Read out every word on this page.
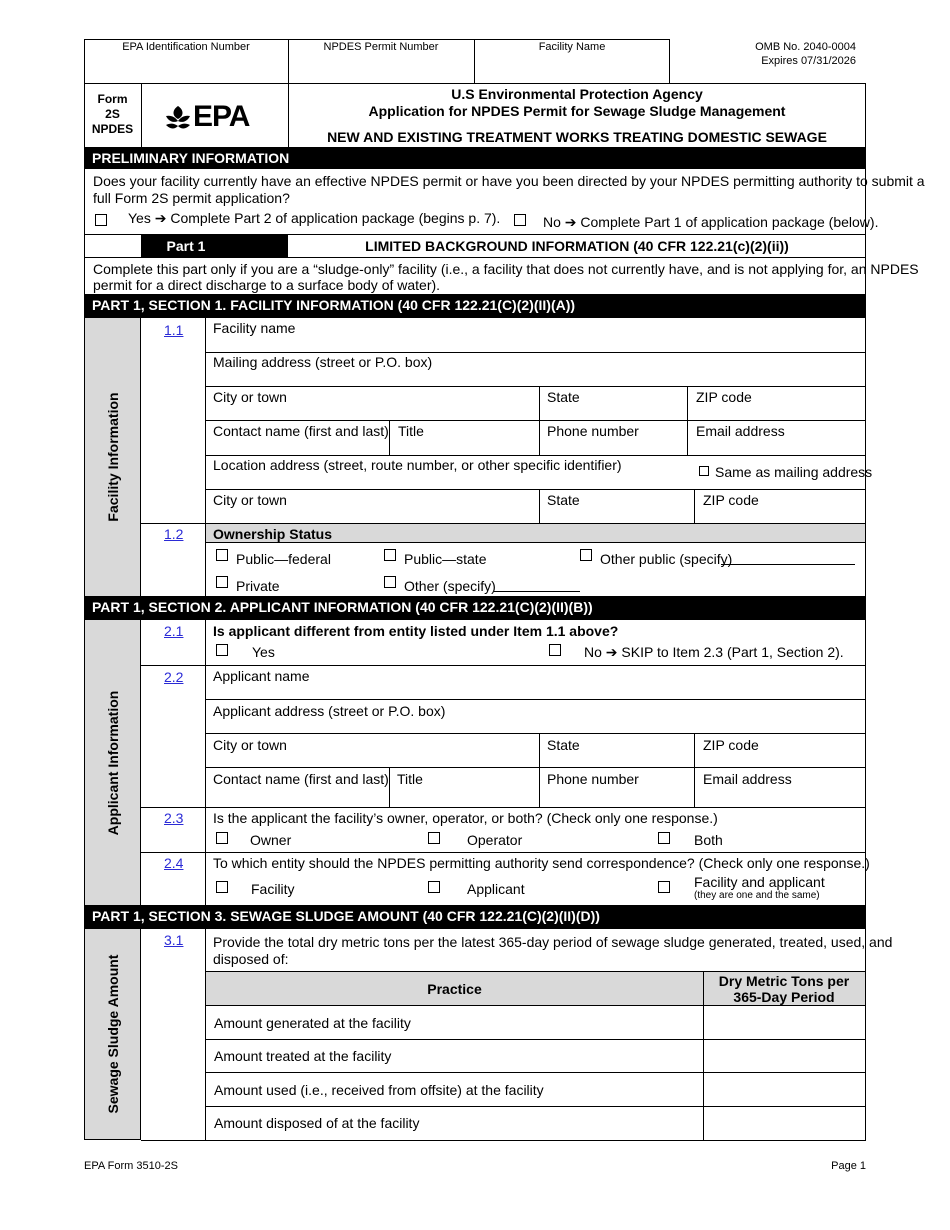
EPA Identification Number	NPDES Permit Number	Facility Name	OMB No. 2040-0004
Expires 07/31/2026
Form
2S
NPDES EPA
U.S Environmental Protection Agency
Application for NPDES Permit for Sewage Sludge Management
NEW AND EXISTING TREATMENT WORKS TREATING DOMESTIC SEWAGE
PRELIMINARY INFORMATION
Does your facility currently have an effective NPDES permit or have you been directed by your NPDES permitting authority to submit a
full Form 2S permit application?
Yes ➔ Complete Part 2 of application package (begins p. 7).	No ➔ Complete Part 1 of application package (below).
Part 1	LIMITED BACKGROUND INFORMATION (40 CFR 122.21(c)(2)(ii))
Complete this part only if you are a “sludge-only” facility (i.e., a facility that does not currently have, and is not applying for, an NPDES
permit for a direct discharge to a surface body of water).
PART 1, SECTION 1. FACILITY INFORMATION (40 CFR 122.21(C)(2)(II)(A))
Facility Information
1.1 Facility name
Mailing address (street or P.O. box)
City or town	State	ZIP code
Contact name (first and last) Title	Phone number	Email address
Location address (street, route number, or other specific identifier)	Same as mailing address
City or town	State	ZIP code
1.2 Ownership Status
Public—federal	Public—state	Other public (specify)
Private	Other (specify)
PART 1, SECTION 2. APPLICANT INFORMATION (40 CFR 122.21(C)(2)(II)(B))
Applicant Information
2.1 Is applicant different from entity listed under Item 1.1 above?
Yes	No ➔ SKIP to Item 2.3 (Part 1, Section 2).
2.2 Applicant name
Applicant address (street or P.O. box)
City or town	State	ZIP code
Contact name (first and last) Title	Phone number	Email address
2.3 Is the applicant the facility’s owner, operator, or both? (Check only one response.)
Owner	Operator	Both
2.4 To which entity should the NPDES permitting authority send correspondence? (Check only one response.)
Facility	Applicant	Facility and applicant
(they are one and the same)
PART 1, SECTION 3. SEWAGE SLUDGE AMOUNT (40 CFR 122.21(C)(2)(II)(D))
Sewage Sludge Amount
3.1 Provide the total dry metric tons per the latest 365-day period of sewage sludge generated, treated, used, and
disposed of:
Practice	Dry Metric Tons per
365-Day Period
Amount generated at the facility
Amount treated at the facility
Amount used (i.e., received from offsite) at the facility
Amount disposed of at the facility
EPA Form 3510-2S	Page 1
